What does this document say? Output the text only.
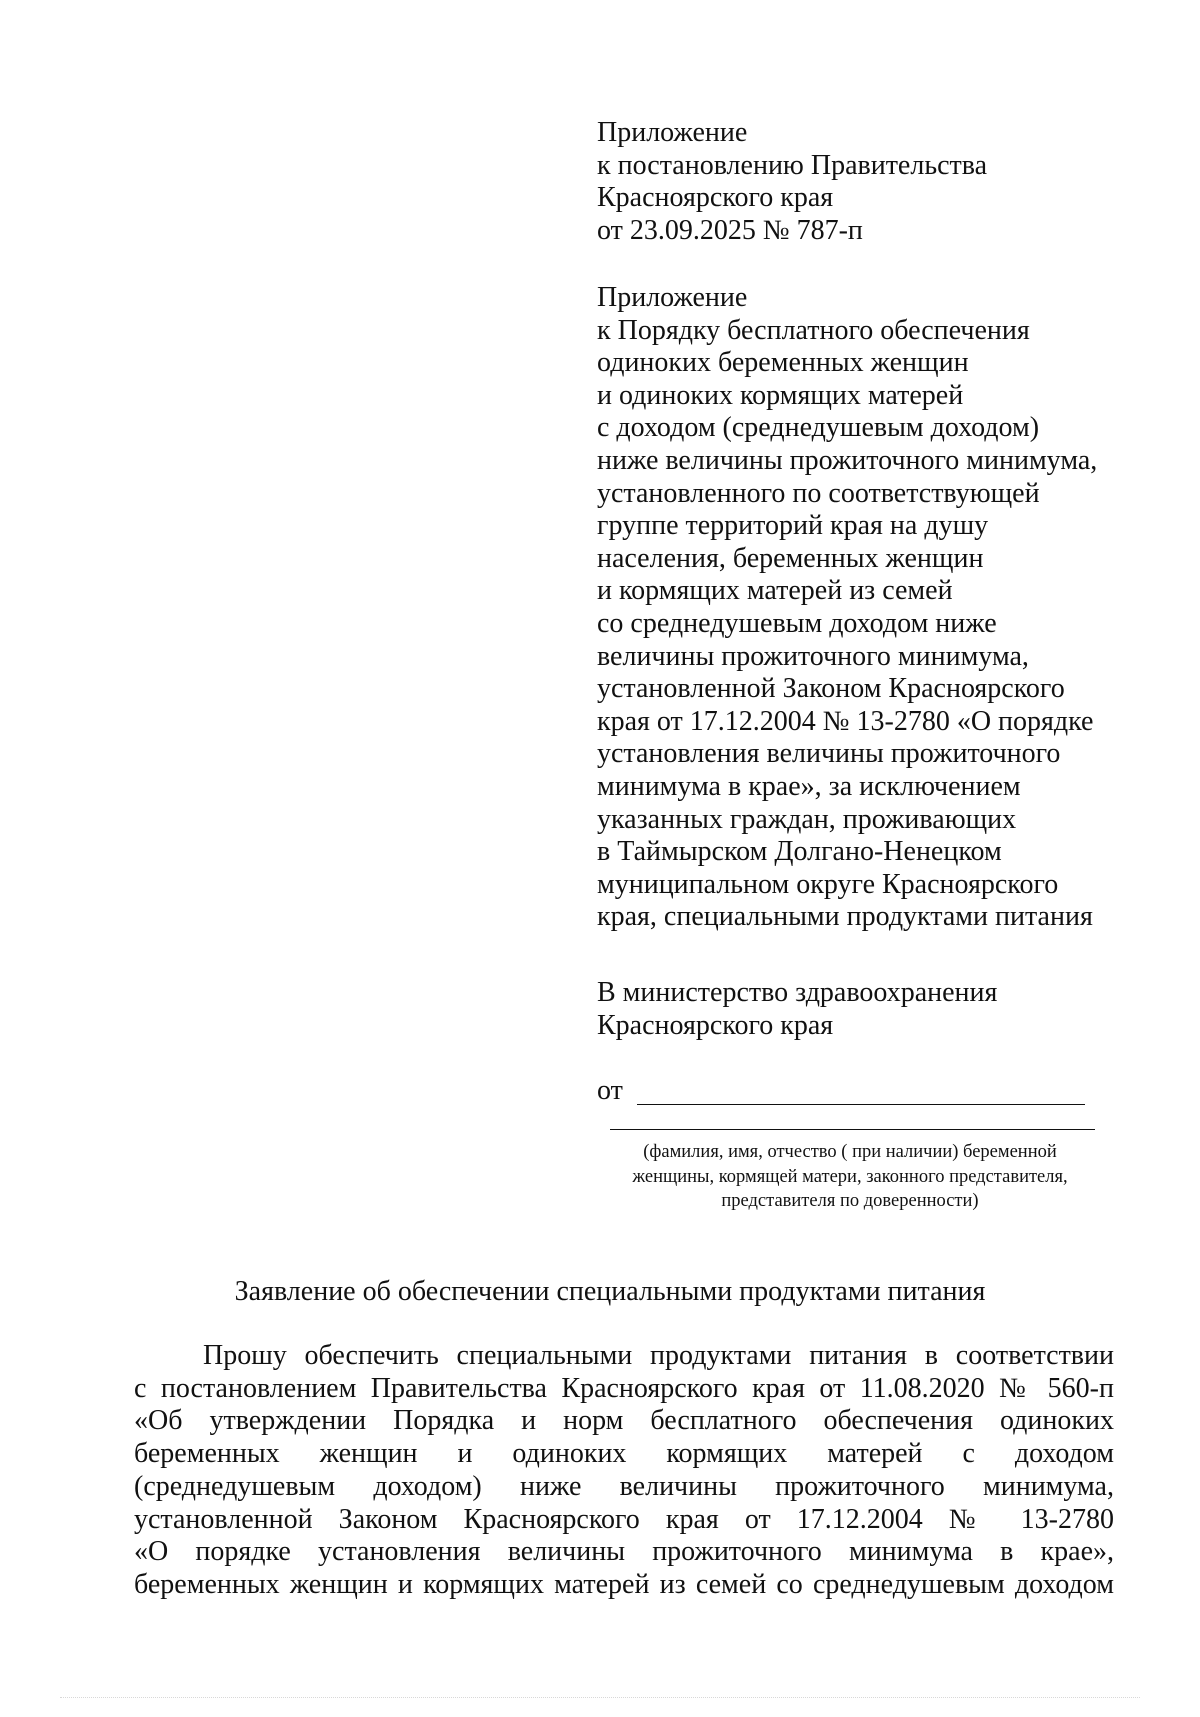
Приложение
к постановлению Правительства
Красноярского края
от 23.09.2025 № 787-п
Приложение
к Порядку бесплатного обеспечения
одиноких беременных женщин
и одиноких кормящих матерей
с доходом (среднедушевым доходом)
ниже величины прожиточного минимума,
установленного по соответствующей
группе территорий края на душу
населения, беременных женщин
и кормящих матерей из семей
со среднедушевым доходом ниже
величины прожиточного минимума,
установленной Законом Красноярского
края от 17.12.2004 № 13-2780 «О порядке
установления величины прожиточного
минимума в крае», за исключением
указанных граждан, проживающих
в Таймырском Долгано-Ненецком
муниципальном округе Красноярского
края, специальными продуктами питания
В министерство здравоохранения
Красноярского края
от
(фамилия, имя, отчество ( при наличии) беременной
женщины, кормящей матери, законного представителя,
представителя по доверенности)
Заявление об обеспечении специальными продуктами питания
Прошу обеспечить специальными продуктами питания в соответствии
с постановлением Правительства Красноярского края от 11.08.2020 № 560-п
«Об утверждении Порядка и норм бесплатного обеспечения одиноких
беременных женщин и одиноких кормящих матерей с доходом
(среднедушевым доходом) ниже величины прожиточного минимума,
установленной Законом Красноярского края от 17.12.2004 № 13-2780
«О порядке установления величины прожиточного минимума в крае»,
беременных женщин и кормящих матерей из семей со среднедушевым доходом
